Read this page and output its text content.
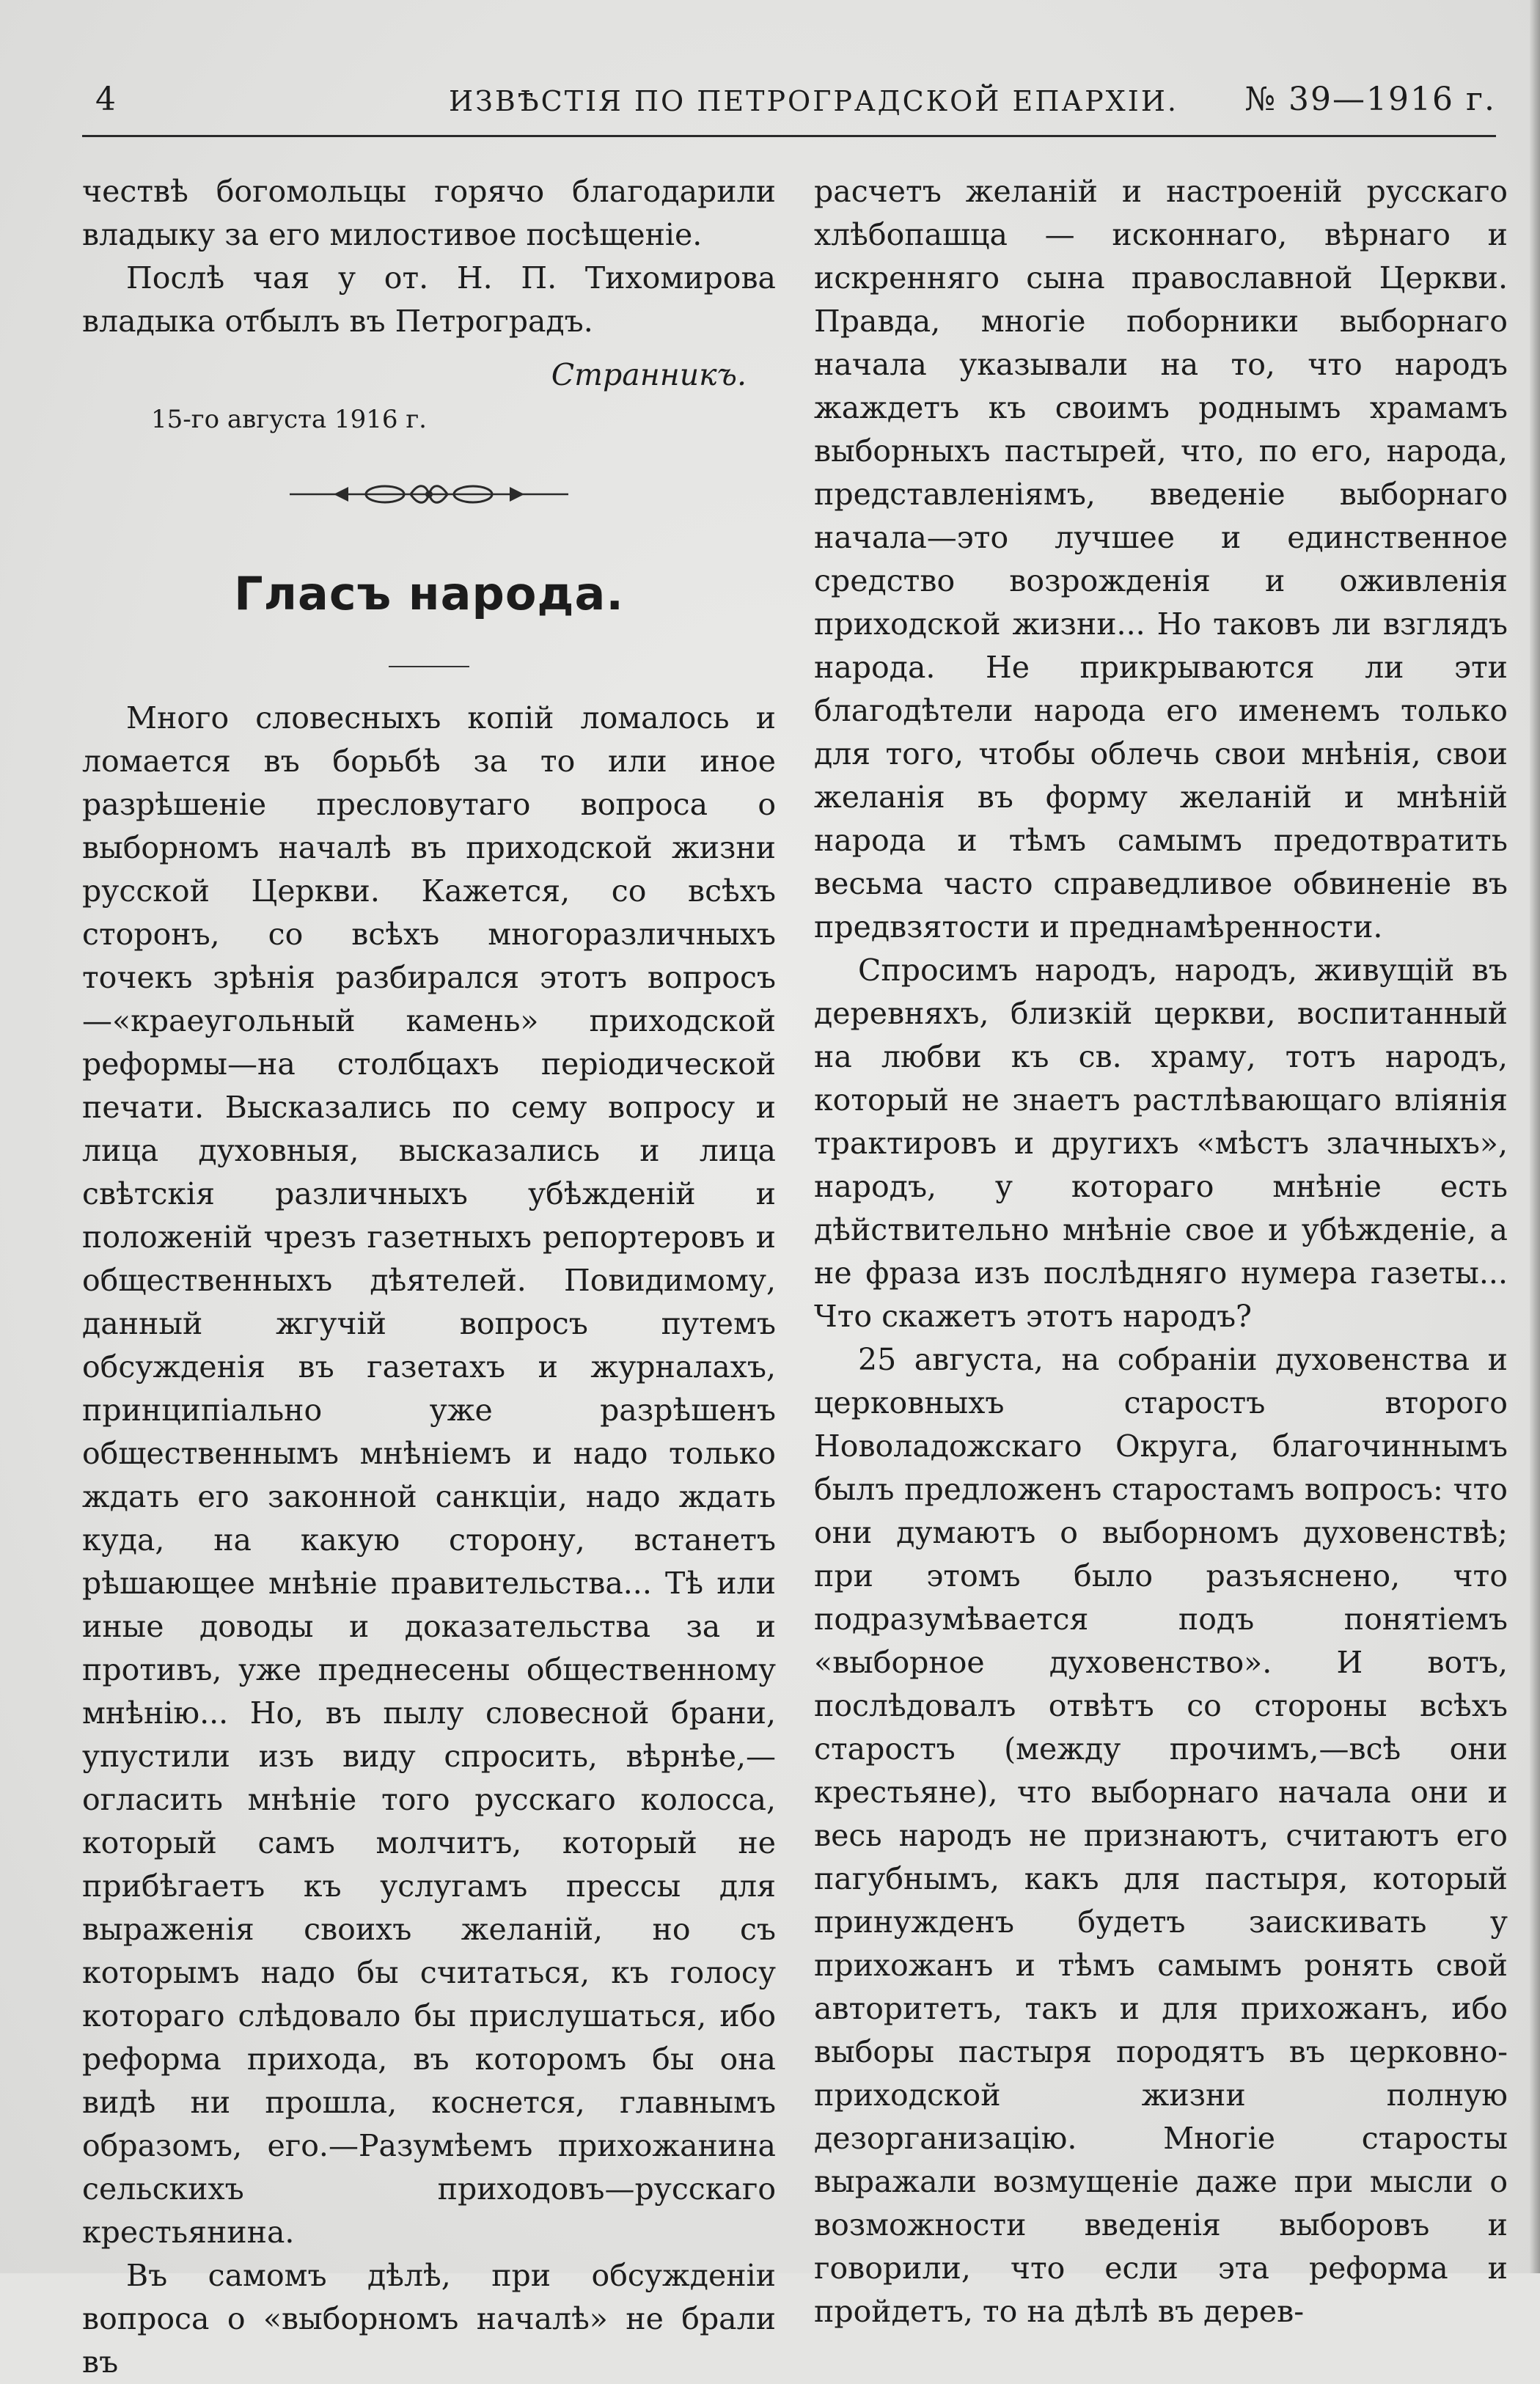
4	ИЗВѢСТІЯ ПО ПЕТРОГРАДСКОЙ ЕПАРХІИ. № 39—1916 г.

чествѣ богомольцы горячо благодарили владыку за его милостивое посѣщеніе.

Послѣ чая у от. Н. П. Тихомирова владыка отбылъ въ Петроградъ.

Странникъ.
15-го августа 1916 г.
Гласъ народа.

Много словесныхъ копій ломалось и ломается въ борьбѣ за то или иное разрѣшеніе пресловутаго вопроса о выборномъ началѣ въ приходской жизни русской Церкви. Кажется, со всѣхъ сторонъ, со всѣхъ многоразличныхъ точекъ зрѣнія разбирался этотъ вопросъ—«краеугольный камень» приходской реформы—на столбцахъ періодической печати. Высказались по сему вопросу и лица духовныя, высказались и лица свѣтскія различныхъ убѣжденій и положеній чрезъ газетныхъ репортеровъ и общественныхъ дѣятелей. Повидимому, данный жгучій вопросъ путемъ обсужденія въ газетахъ и журналахъ, принципіально уже разрѣшенъ общественнымъ мнѣніемъ и надо только ждать его законной санкціи, надо ждать куда, на какую сторону, встанетъ рѣшающее мнѣніе правительства... Тѣ или иные доводы и доказательства за и противъ, уже преднесены общественному мнѣнію... Но, въ пылу словесной брани, упустили изъ виду спросить, вѣрнѣе,—огласить мнѣніе того русскаго колосса, который самъ молчитъ, который не прибѣгаетъ къ услугамъ прессы для выраженія своихъ желаній, но съ которымъ надо бы считаться, къ голосу котораго слѣдовало бы прислушаться, ибо реформа прихода, въ которомъ бы она видѣ ни прошла, коснется, главнымъ образомъ, его.—Разумѣемъ прихожанина сельскихъ приходовъ—русскаго крестьянина.

Въ самомъ дѣлѣ, при обсужденіи вопроса о «выборномъ началѣ» не брали въ

расчетъ желаній и настроеній русскаго хлѣбопашца — исконнаго, вѣрнаго и искренняго сына православной Церкви. Правда, многіе поборники выборнаго начала указывали на то, что народъ жаждетъ къ своимъ роднымъ храмамъ выборныхъ пастырей, что, по его, народа, представленіямъ, введеніе выборнаго начала—это лучшее и единственное средство возрожденія и оживленія приходской жизни... Но таковъ ли взглядъ народа. Не прикрываются ли эти благодѣтели народа его именемъ только для того, чтобы облечь свои мнѣнія, свои желанія въ форму желаній и мнѣній народа и тѣмъ самымъ предотвратить весьма часто справедливое обвиненіе въ предвзятости и преднамѣренности.

Спросимъ народъ, народъ, живущій въ деревняхъ, близкій церкви, воспитанный на любви къ св. храму, тотъ народъ, который не знаетъ растлѣвающаго вліянія трактировъ и другихъ «мѣстъ злачныхъ», народъ, у котораго мнѣніе есть дѣйствительно мнѣніе свое и убѣжденіе, а не фраза изъ послѣдняго нумера газеты... Что скажетъ этотъ народъ?

25 августа, на собраніи духовенства и церковныхъ старостъ второго Новоладожскаго Округа, благочиннымъ былъ предложенъ старостамъ вопросъ: что они думаютъ о выборномъ духовенствѣ; при этомъ было разъяснено, что подразумѣвается подъ понятіемъ «выборное духовенство». И вотъ, послѣдовалъ отвѣтъ со стороны всѣхъ старостъ (между прочимъ,—всѣ они крестьяне), что выборнаго начала они и весь народъ не признаютъ, считаютъ его пагубнымъ, какъ для пастыря, который принужденъ будетъ заискивать у прихожанъ и тѣмъ самымъ ронять свой авторитетъ, такъ и для прихожанъ, ибо выборы пастыря породятъ въ церковно-приходской жизни полную дезорганизацію. Многіе старосты выражали возмущеніе даже при мысли о возможности введенія выборовъ и говорили, что если эта реформа и пройдетъ, то на дѣлѣ въ дерев-
